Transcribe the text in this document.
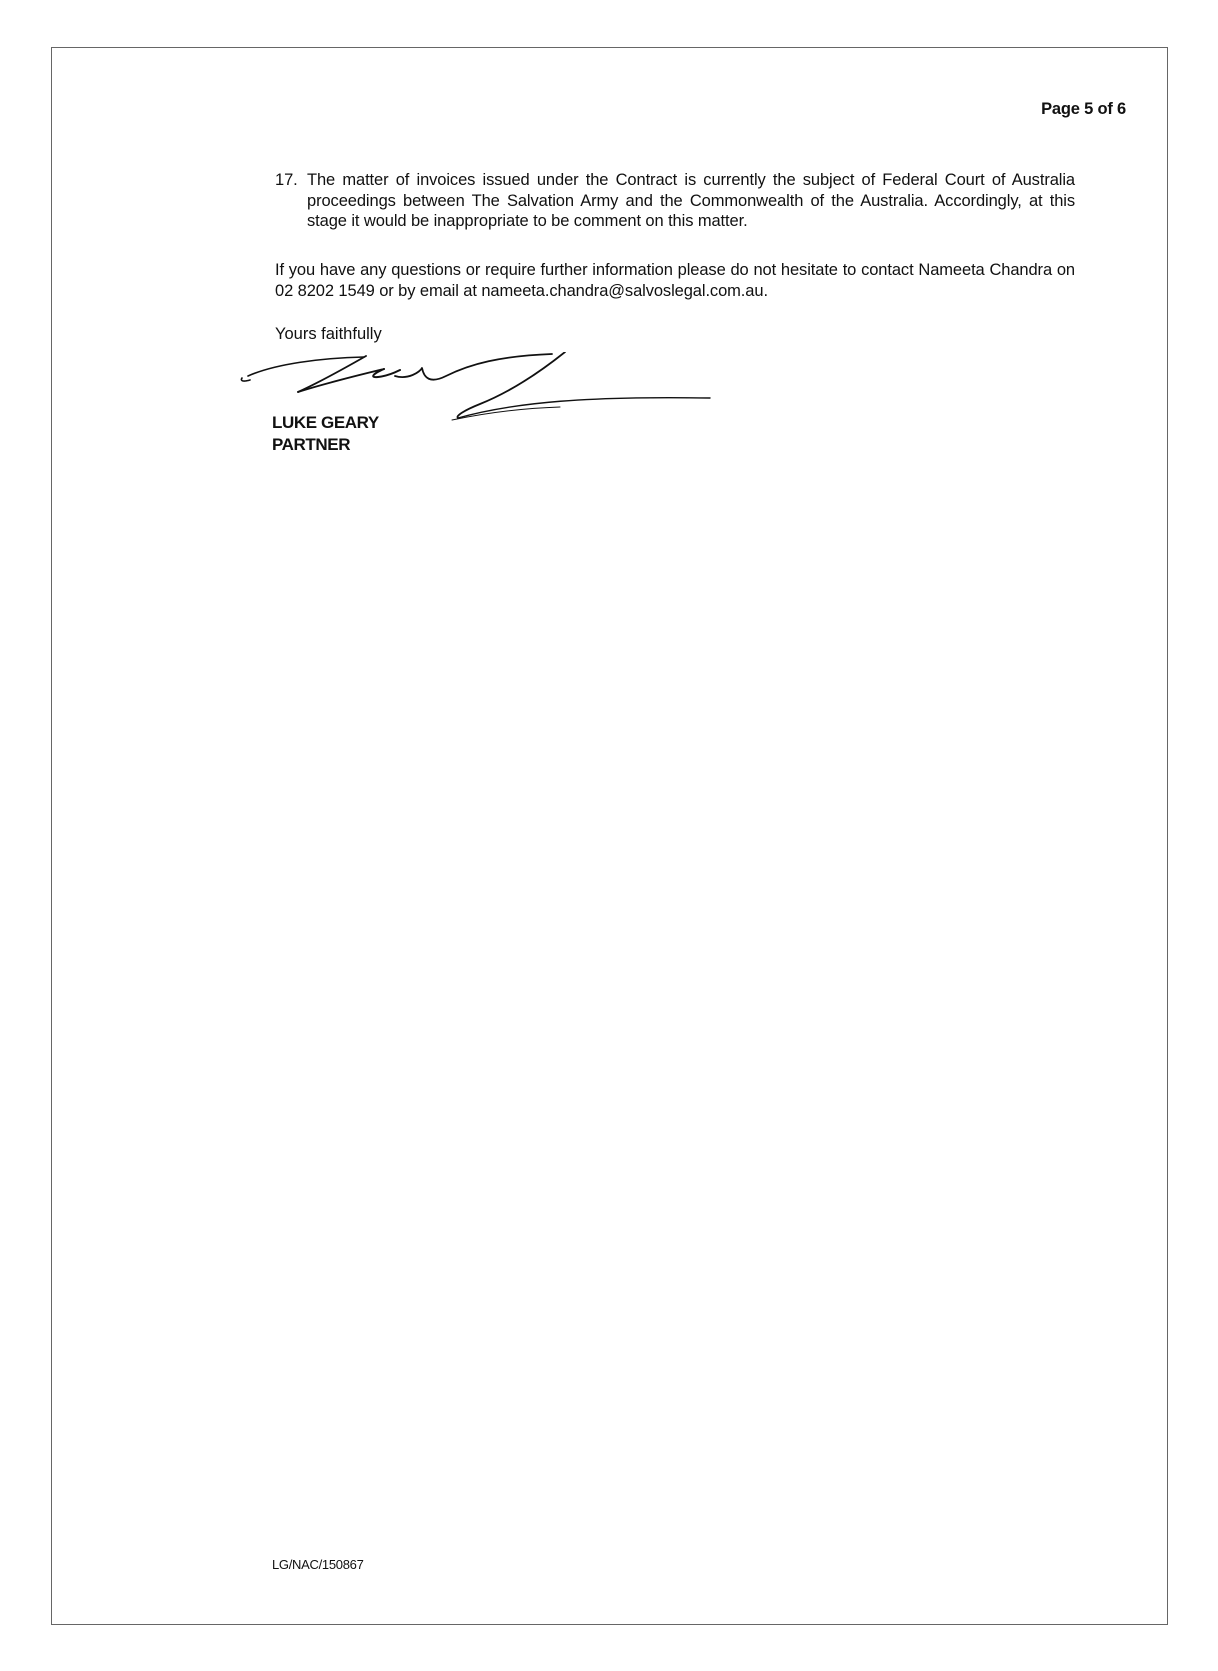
Page 5 of 6
17. The matter of invoices issued under the Contract is currently the subject of Federal Court of Australia proceedings between The Salvation Army and the Commonwealth of the Australia. Accordingly, at this stage it would be inappropriate to be comment on this matter.
If you have any questions or require further information please do not hesitate to contact Nameeta Chandra on 02 8202 1549 or by email at nameeta.chandra@salvoslegal.com.au.
Yours faithfully
LUKE GEARY
PARTNER
LG/NAC/150867
